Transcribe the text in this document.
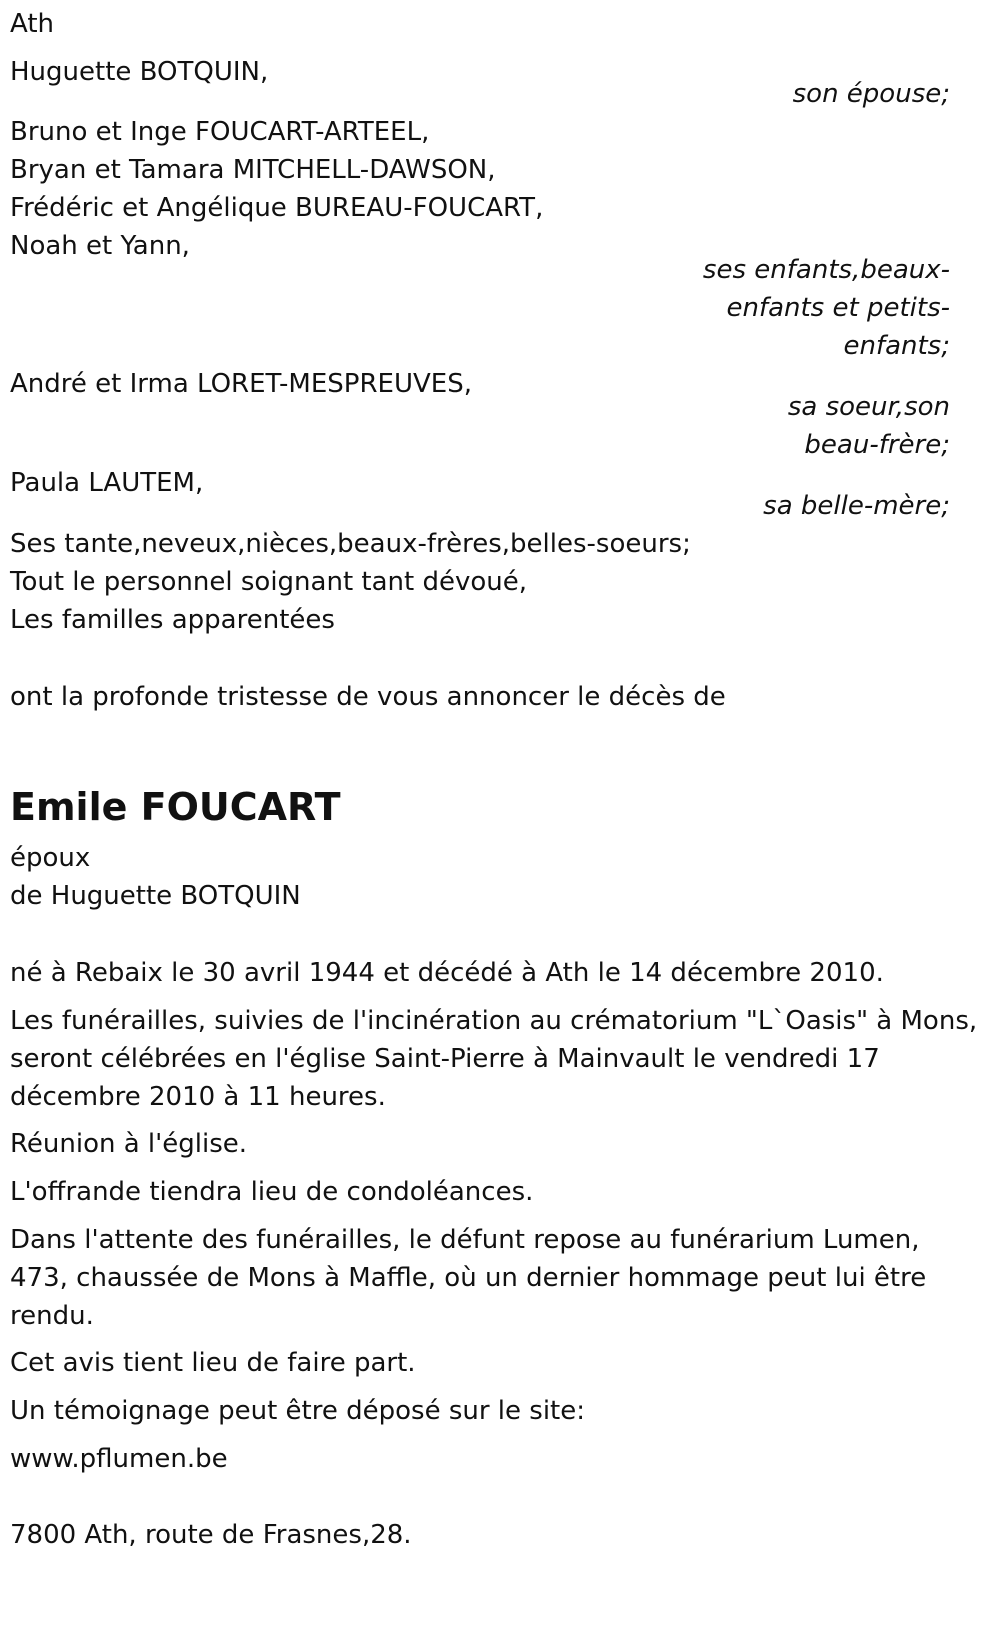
Ath
Huguette BOTQUIN,
son épouse;
Bruno et Inge FOUCART-ARTEEL,
Bryan et Tamara MITCHELL-DAWSON,
Frédéric et Angélique BUREAU-FOUCART,
Noah et Yann,
ses enfants,beaux-
enfants et petits-
enfants;
André et Irma LORET-MESPREUVES,
sa soeur,son
beau-frère;
Paula LAUTEM,
sa belle-mère;
Ses tante,neveux,nièces,beaux-frères,belles-soeurs;
Tout le personnel soignant tant dévoué,
Les familles apparentées
ont la profonde tristesse de vous annoncer le décès de
Emile FOUCART
époux
de Huguette BOTQUIN
né à Rebaix le 30 avril 1944 et décédé à Ath le 14 décembre 2010.
Les funérailles, suivies de l'incinération au crématorium "L`Oasis" à Mons,
seront célébrées en l'église Saint-Pierre à Mainvault le vendredi 17
décembre 2010 à 11 heures.
Réunion à l'église.
L'offrande tiendra lieu de condoléances.
Dans l'attente des funérailles, le défunt repose au funérarium Lumen,
473, chaussée de Mons à Maffle, où un dernier hommage peut lui être
rendu.
Cet avis tient lieu de faire part.
Un témoignage peut être déposé sur le site:
www.pflumen.be
7800 Ath, route de Frasnes,28.
